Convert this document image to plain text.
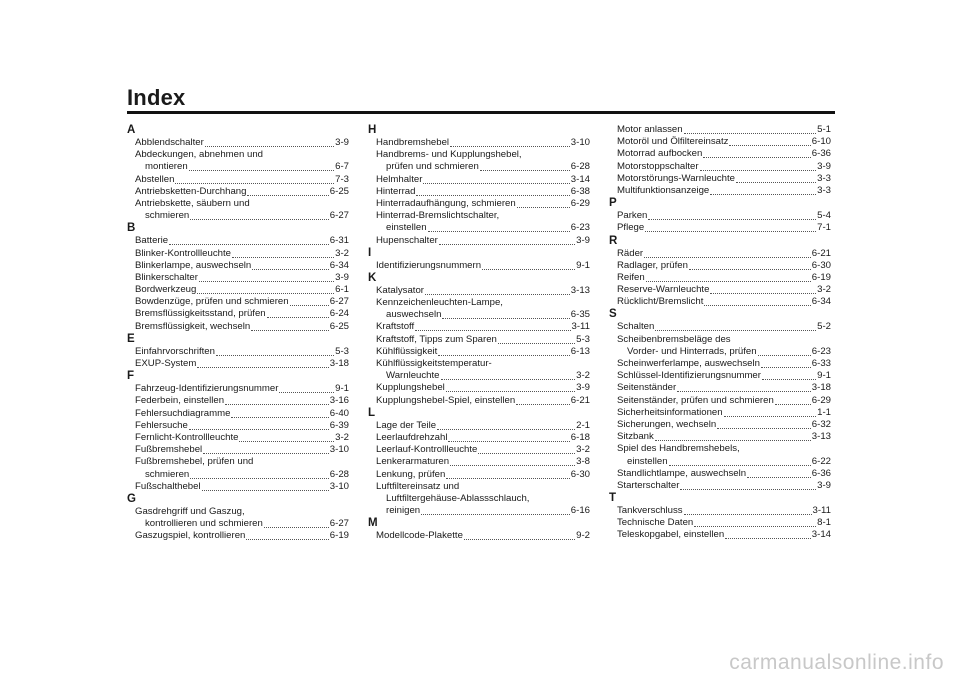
Index
A
Abblendschalter	3-9
Abdeckungen, abnehmen und
montieren	6-7
Abstellen	7-3
Antriebsketten-Durchhang	6-25
Antriebskette, säubern und
schmieren	6-27
B
Batterie	6-31
Blinker-Kontrollleuchte	3-2
Blinkerlampe, auswechseln	6-34
Blinkerschalter	3-9
Bordwerkzeug	6-1
Bowdenzüge, prüfen und schmieren	6-27
Bremsflüssigkeitsstand, prüfen	6-24
Bremsflüssigkeit, wechseln	6-25
E
Einfahrvorschriften	5-3
EXUP-System	3-18
F
Fahrzeug-Identifizierungsnummer	9-1
Federbein, einstellen	3-16
Fehlersuchdiagramme	6-40
Fehlersuche	6-39
Fernlicht-Kontrollleuchte	3-2
Fußbremshebel	3-10
Fußbremshebel, prüfen und
schmieren	6-28
Fußschalthebel	3-10
G
Gasdrehgriff und Gaszug,
kontrollieren und schmieren	6-27
Gaszugspiel, kontrollieren	6-19
H
Handbremshebel	3-10
Handbrems- und Kupplungshebel,
prüfen und schmieren	6-28
Helmhalter	3-14
Hinterrad	6-38
Hinterradaufhängung, schmieren	6-29
Hinterrad-Bremslichtschalter,
einstellen	6-23
Hupenschalter	3-9
I
Identifizierungsnummern	9-1
K
Katalysator	3-13
Kennzeichenleuchten-Lampe,
auswechseln	6-35
Kraftstoff	3-11
Kraftstoff, Tipps zum Sparen	5-3
Kühlflüssigkeit	6-13
Kühlflüssigkeitstemperatur-
Warnleuchte	3-2
Kupplungshebel	3-9
Kupplungshebel-Spiel, einstellen	6-21
L
Lage der Teile	2-1
Leerlaufdrehzahl	6-18
Leerlauf-Kontrollleuchte	3-2
Lenkerarmaturen	3-8
Lenkung, prüfen	6-30
Luftfiltereinsatz und
Luftfiltergehäuse-Ablassschlauch,
reinigen	6-16
M
Modellcode-Plakette	9-2
Motor anlassen	5-1
Motoröl und Ölfiltereinsatz	6-10
Motorrad aufbocken	6-36
Motorstoppschalter	3-9
Motorstörungs-Warnleuchte	3-3
Multifunktionsanzeige	3-3
P
Parken	5-4
Pflege	7-1
R
Räder	6-21
Radlager, prüfen	6-30
Reifen	6-19
Reserve-Warnleuchte	3-2
Rücklicht/Bremslicht	6-34
S
Schalten	5-2
Scheibenbremsbeläge des
Vorder- und Hinterrads, prüfen	6-23
Scheinwerferlampe, auswechseln	6-33
Schlüssel-Identifizierungsnummer	9-1
Seitenständer	3-18
Seitenständer, prüfen und schmieren	6-29
Sicherheitsinformationen	1-1
Sicherungen, wechseln	6-32
Sitzbank	3-13
Spiel des Handbremshebels,
einstellen	6-22
Standlichtlampe, auswechseln	6-36
Starterschalter	3-9
T
Tankverschluss	3-11
Technische Daten	8-1
Teleskopgabel, einstellen	3-14
carmanualsonline.info
